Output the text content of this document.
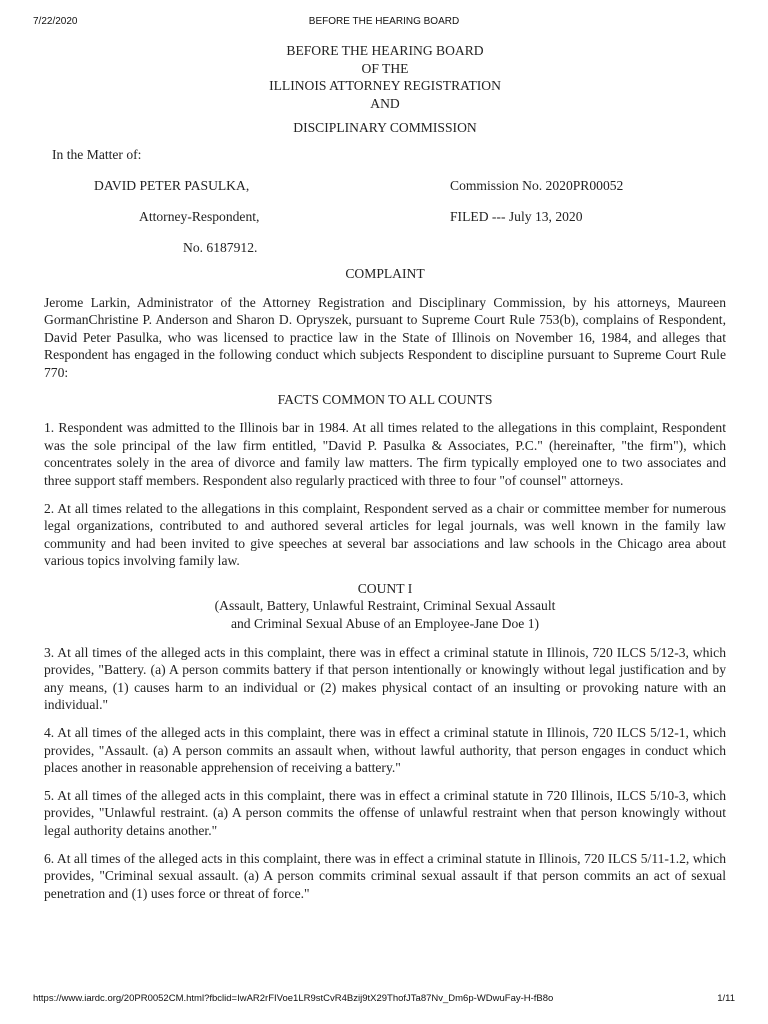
7/22/2020	BEFORE THE HEARING BOARD
BEFORE THE HEARING BOARD
OF THE
ILLINOIS ATTORNEY REGISTRATION
AND
DISCIPLINARY COMMISSION
In the Matter of:
DAVID PETER PASULKA,
Attorney-Respondent,
No. 6187912.
Commission No. 2020PR00052
FILED --- July 13, 2020
COMPLAINT

Jerome Larkin, Administrator of the Attorney Registration and Disciplinary Commission, by his attorneys, Maureen GormanChristine P. Anderson and Sharon D. Opryszek, pursuant to Supreme Court Rule 753(b), complains of Respondent, David Peter Pasulka, who was licensed to practice law in the State of Illinois on November 16, 1984, and alleges that Respondent has engaged in the following conduct which subjects Respondent to discipline pursuant to Supreme Court Rule 770:

FACTS COMMON TO ALL COUNTS

1. Respondent was admitted to the Illinois bar in 1984. At all times related to the allegations in this complaint, Respondent was the sole principal of the law firm entitled, "David P. Pasulka & Associates, P.C." (hereinafter, "the firm"), which concentrates solely in the area of divorce and family law matters. The firm typically employed one to two associates and three support staff members. Respondent also regularly practiced with three to four "of counsel" attorneys.

2. At all times related to the allegations in this complaint, Respondent served as a chair or committee member for numerous legal organizations, contributed to and authored several articles for legal journals, was well known in the family law community and had been invited to give speeches at several bar associations and law schools in the Chicago area about various topics involving family law.

COUNT I
(Assault, Battery, Unlawful Restraint, Criminal Sexual Assault
and Criminal Sexual Abuse of an Employee-Jane Doe 1)

3. At all times of the alleged acts in this complaint, there was in effect a criminal statute in Illinois, 720 ILCS 5/12-3, which provides, "Battery. (a) A person commits battery if that person intentionally or knowingly without legal justification and by any means, (1) causes harm to an individual or (2) makes physical contact of an insulting or provoking nature with an individual."

4. At all times of the alleged acts in this complaint, there was in effect a criminal statute in Illinois, 720 ILCS 5/12-1, which provides, "Assault. (a) A person commits an assault when, without lawful authority, that person engages in conduct which places another in reasonable apprehension of receiving a battery."

5. At all times of the alleged acts in this complaint, there was in effect a criminal statute in 720 Illinois, ILCS 5/10-3, which provides, "Unlawful restraint. (a) A person commits the offense of unlawful restraint when that person knowingly without legal authority detains another."

6. At all times of the alleged acts in this complaint, there was in effect a criminal statute in Illinois, 720 ILCS 5/11-1.2, which provides, "Criminal sexual assault. (a) A person commits criminal sexual assault if that person commits an act of sexual penetration and (1) uses force or threat of force."

https://www.iardc.org/20PR0052CM.html?fbclid=IwAR2rFIVoe1LR9stCvR4Bzij9tX29ThofJTa87Nv_Dm6p-WDwuFay-H-fB8o	1/11
